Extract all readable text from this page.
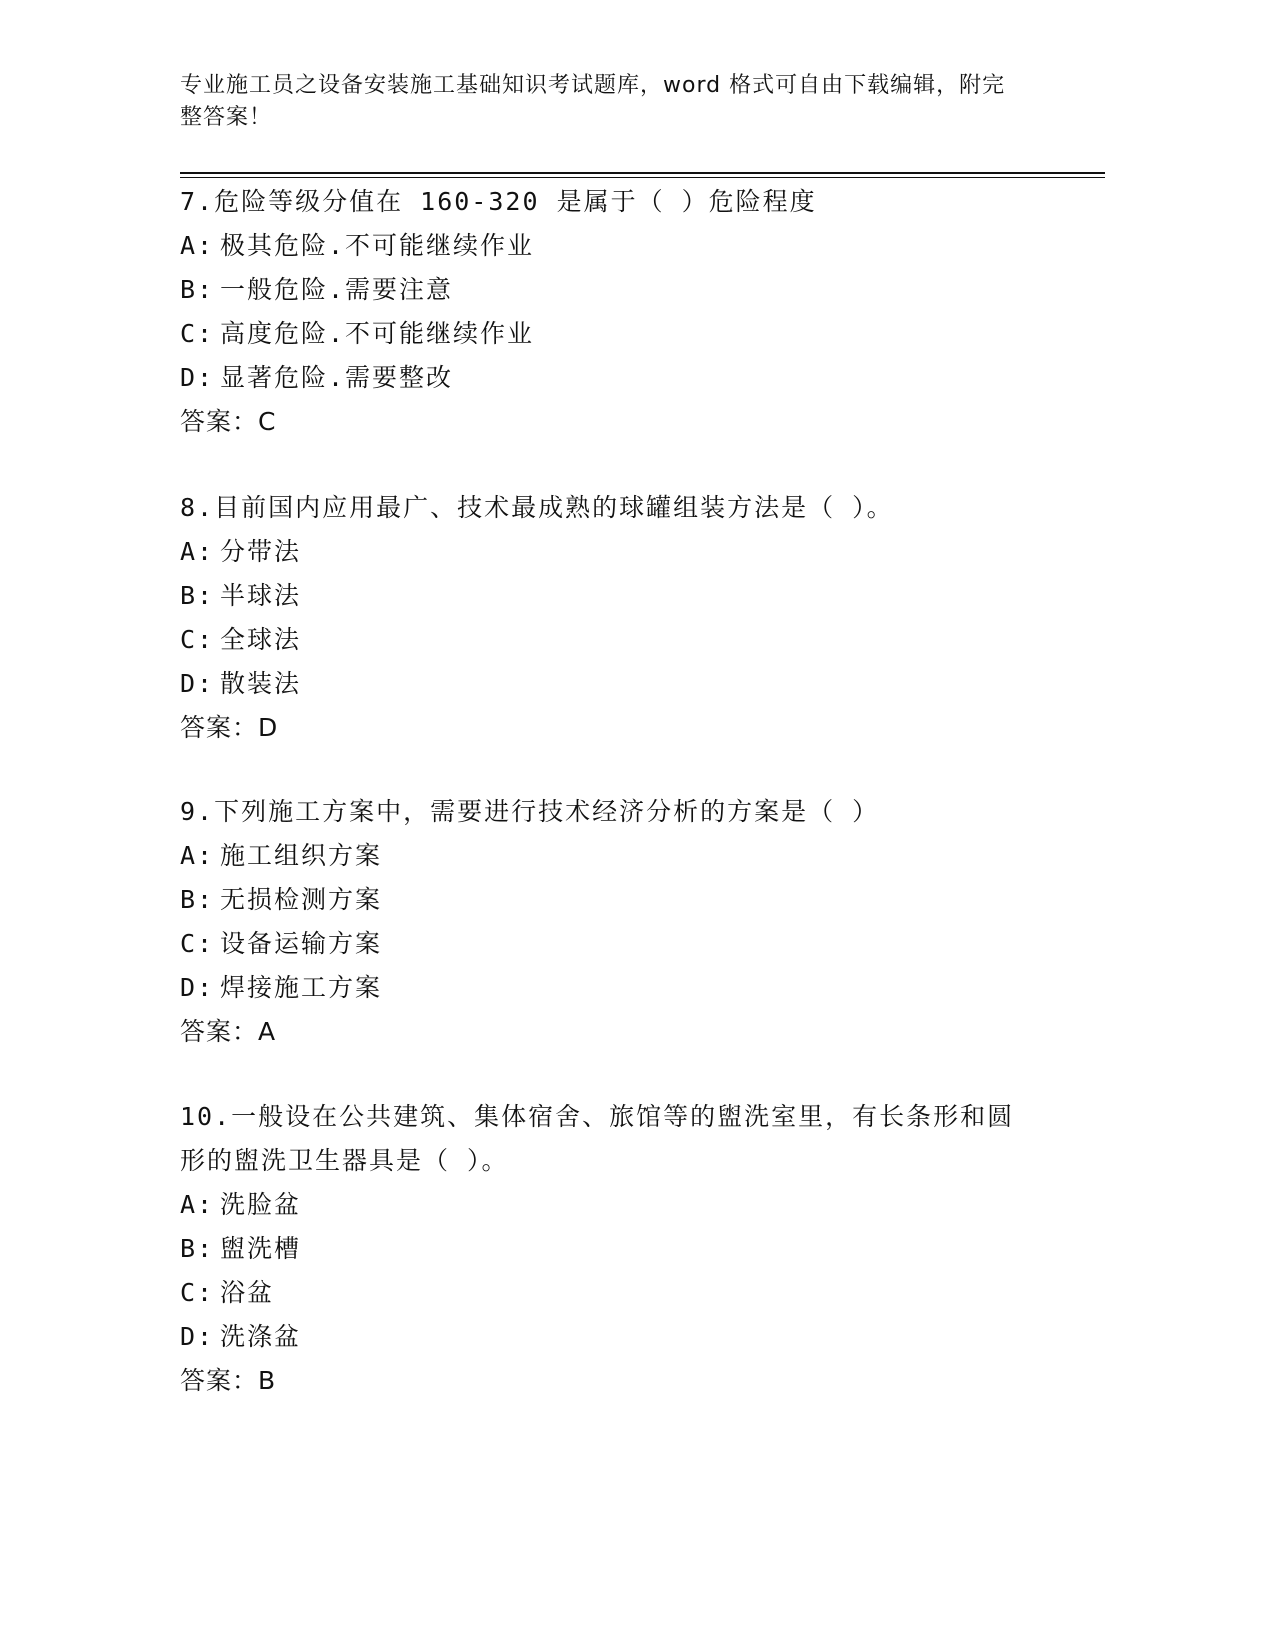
专业施工员之设备安装施工基础知识考试题库，word 格式可自由下载编辑，附完
整答案！

7.危险等级分值在 160-320 是属于（ ）危险程度

A: 极其危险.不可能继续作业

B: 一般危险.需要注意

C: 高度危险.不可能继续作业

D: 显著危险.需要整改

答案：C

8.目前国内应用最广、技术最成熟的球罐组装方法是（ ）。

A: 分带法

B: 半球法

C: 全球法

D: 散装法

答案：D

9.下列施工方案中，需要进行技术经济分析的方案是（ ）

A: 施工组织方案

B: 无损检测方案

C: 设备运输方案

D: 焊接施工方案

答案：A

10.一般设在公共建筑、集体宿舍、旅馆等的盥洗室里，有长条形和圆

形的盥洗卫生器具是（ ）。

A: 洗脸盆

B: 盥洗槽

C: 浴盆

D: 洗涤盆

答案：B
